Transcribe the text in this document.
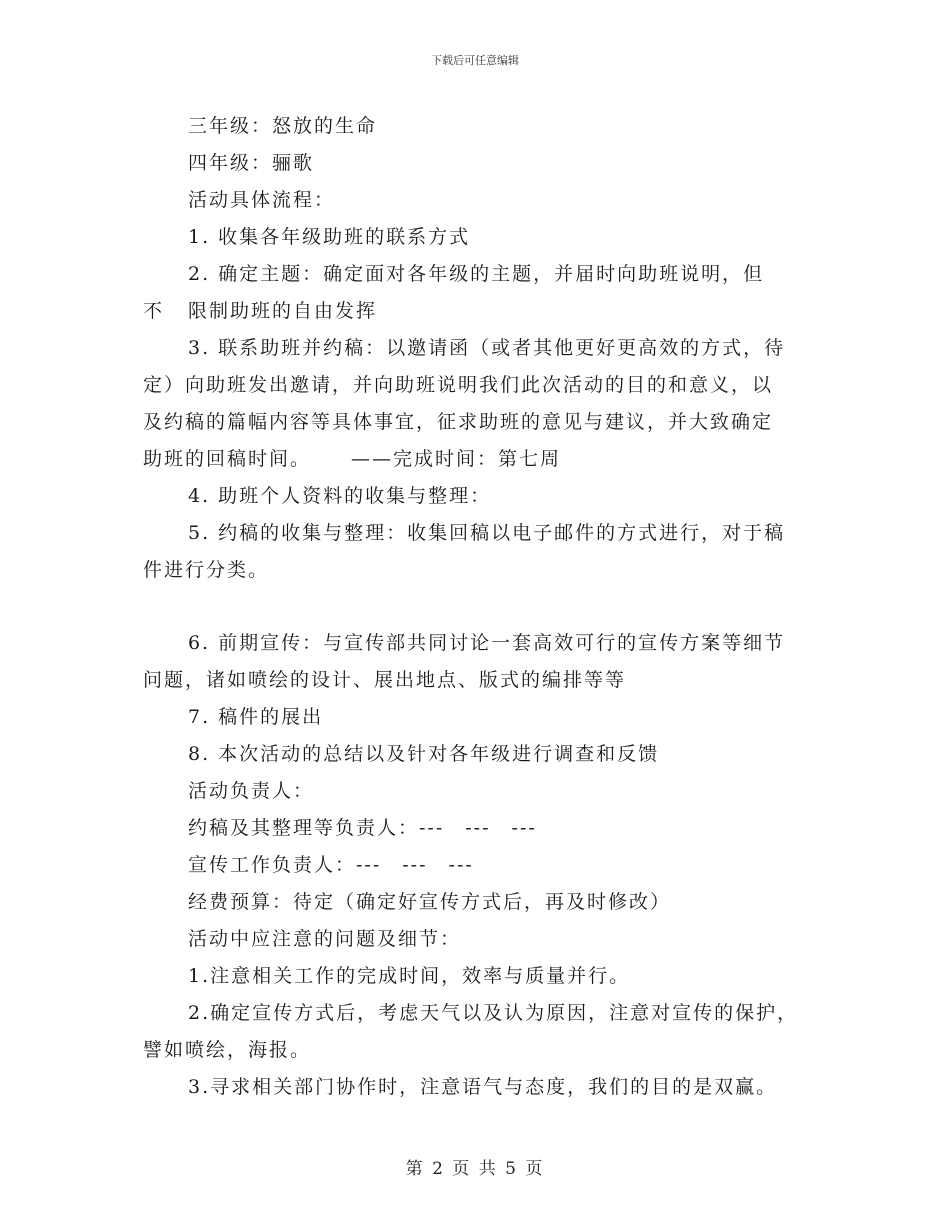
下载后可任意编辑
三年级：怒放的生命
四年级：骊歌
活动具体流程：
1. 收集各年级助班的联系方式
2. 确定主题：确定面对各年级的主题，并届时向助班说明，但
不 限制助班的自由发挥
3. 联系助班并约稿：以邀请函（或者其他更好更高效的方式，待
定）向助班发出邀请，并向助班说明我们此次活动的目的和意义，以
及约稿的篇幅内容等具体事宜，征求助班的意见与建议，并大致确定
助班的回稿时间。 ——完成时间：第七周
4. 助班个人资料的收集与整理：
5. 约稿的收集与整理：收集回稿以电子邮件的方式进行，对于稿
件进行分类。
6. 前期宣传：与宣传部共同讨论一套高效可行的宣传方案等细节
问题，诸如喷绘的设计、展出地点、版式的编排等等
7. 稿件的展出
8. 本次活动的总结以及针对各年级进行调查和反馈
活动负责人：
约稿及其整理等负责人：---　---　---
宣传工作负责人：---　---　---
经费预算：待定（确定好宣传方式后，再及时修改）
活动中应注意的问题及细节：
1.注意相关工作的完成时间，效率与质量并行。
2.确定宣传方式后，考虑天气以及认为原因，注意对宣传的保护，
譬如喷绘，海报。
3.寻求相关部门协作时，注意语气与态度，我们的目的是双赢。
第 2 页 共 5 页
